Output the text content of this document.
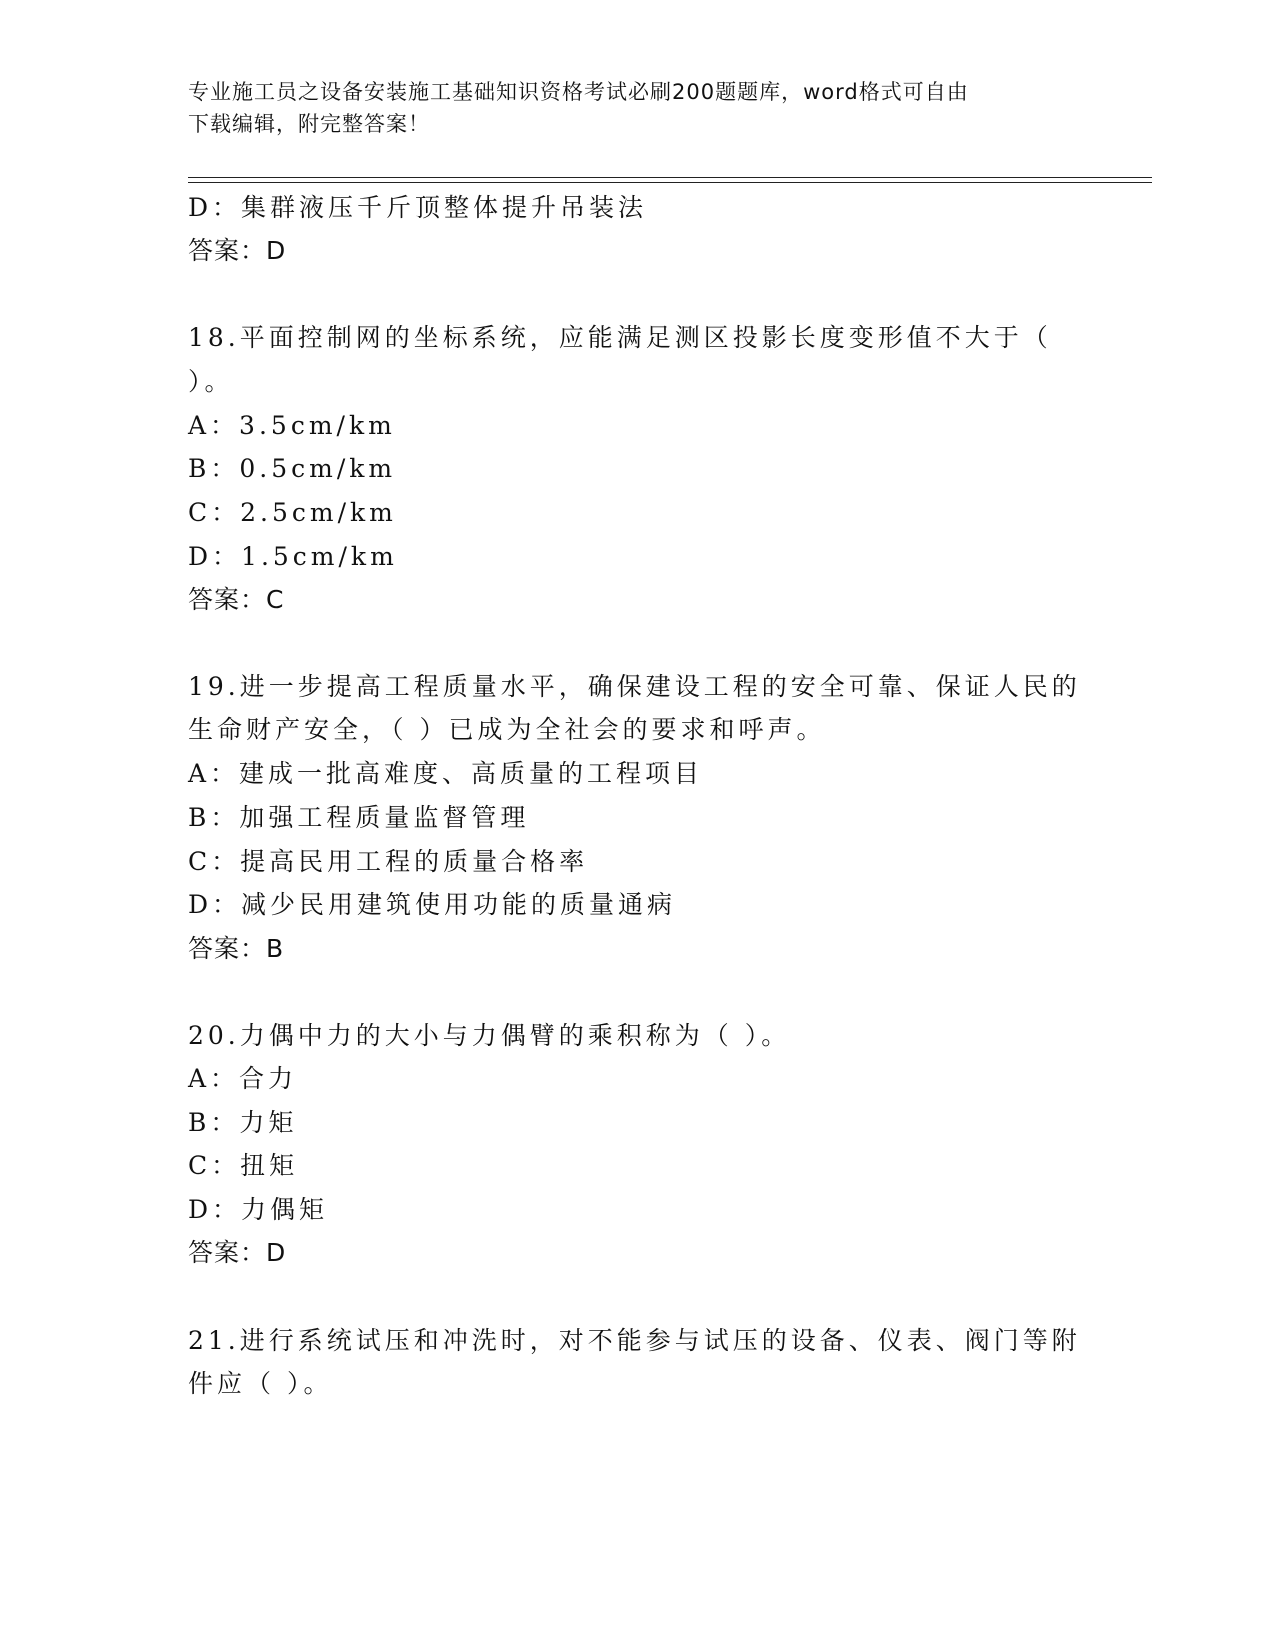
专业施工员之设备安装施工基础知识资格考试必刷200题题库，word格式可自由
下载编辑，附完整答案！
D：集群液压千斤顶整体提升吊装法
答案：D
18.平面控制网的坐标系统，应能满足测区投影长度变形值不大于（
）。
A：3.5cm/km
B：0.5cm/km
C：2.5cm/km
D：1.5cm/km
答案：C
19.进一步提高工程质量水平，确保建设工程的安全可靠、保证人民的
生命财产安全，（ ）已成为全社会的要求和呼声。
A：建成一批高难度、高质量的工程项目
B：加强工程质量监督管理
C：提高民用工程的质量合格率
D：减少民用建筑使用功能的质量通病
答案：B
20.力偶中力的大小与力偶臂的乘积称为（ ）。
A：合力
B：力矩
C：扭矩
D：力偶矩
答案：D
21.进行系统试压和冲洗时，对不能参与试压的设备、仪表、阀门等附
件应（ ）。
